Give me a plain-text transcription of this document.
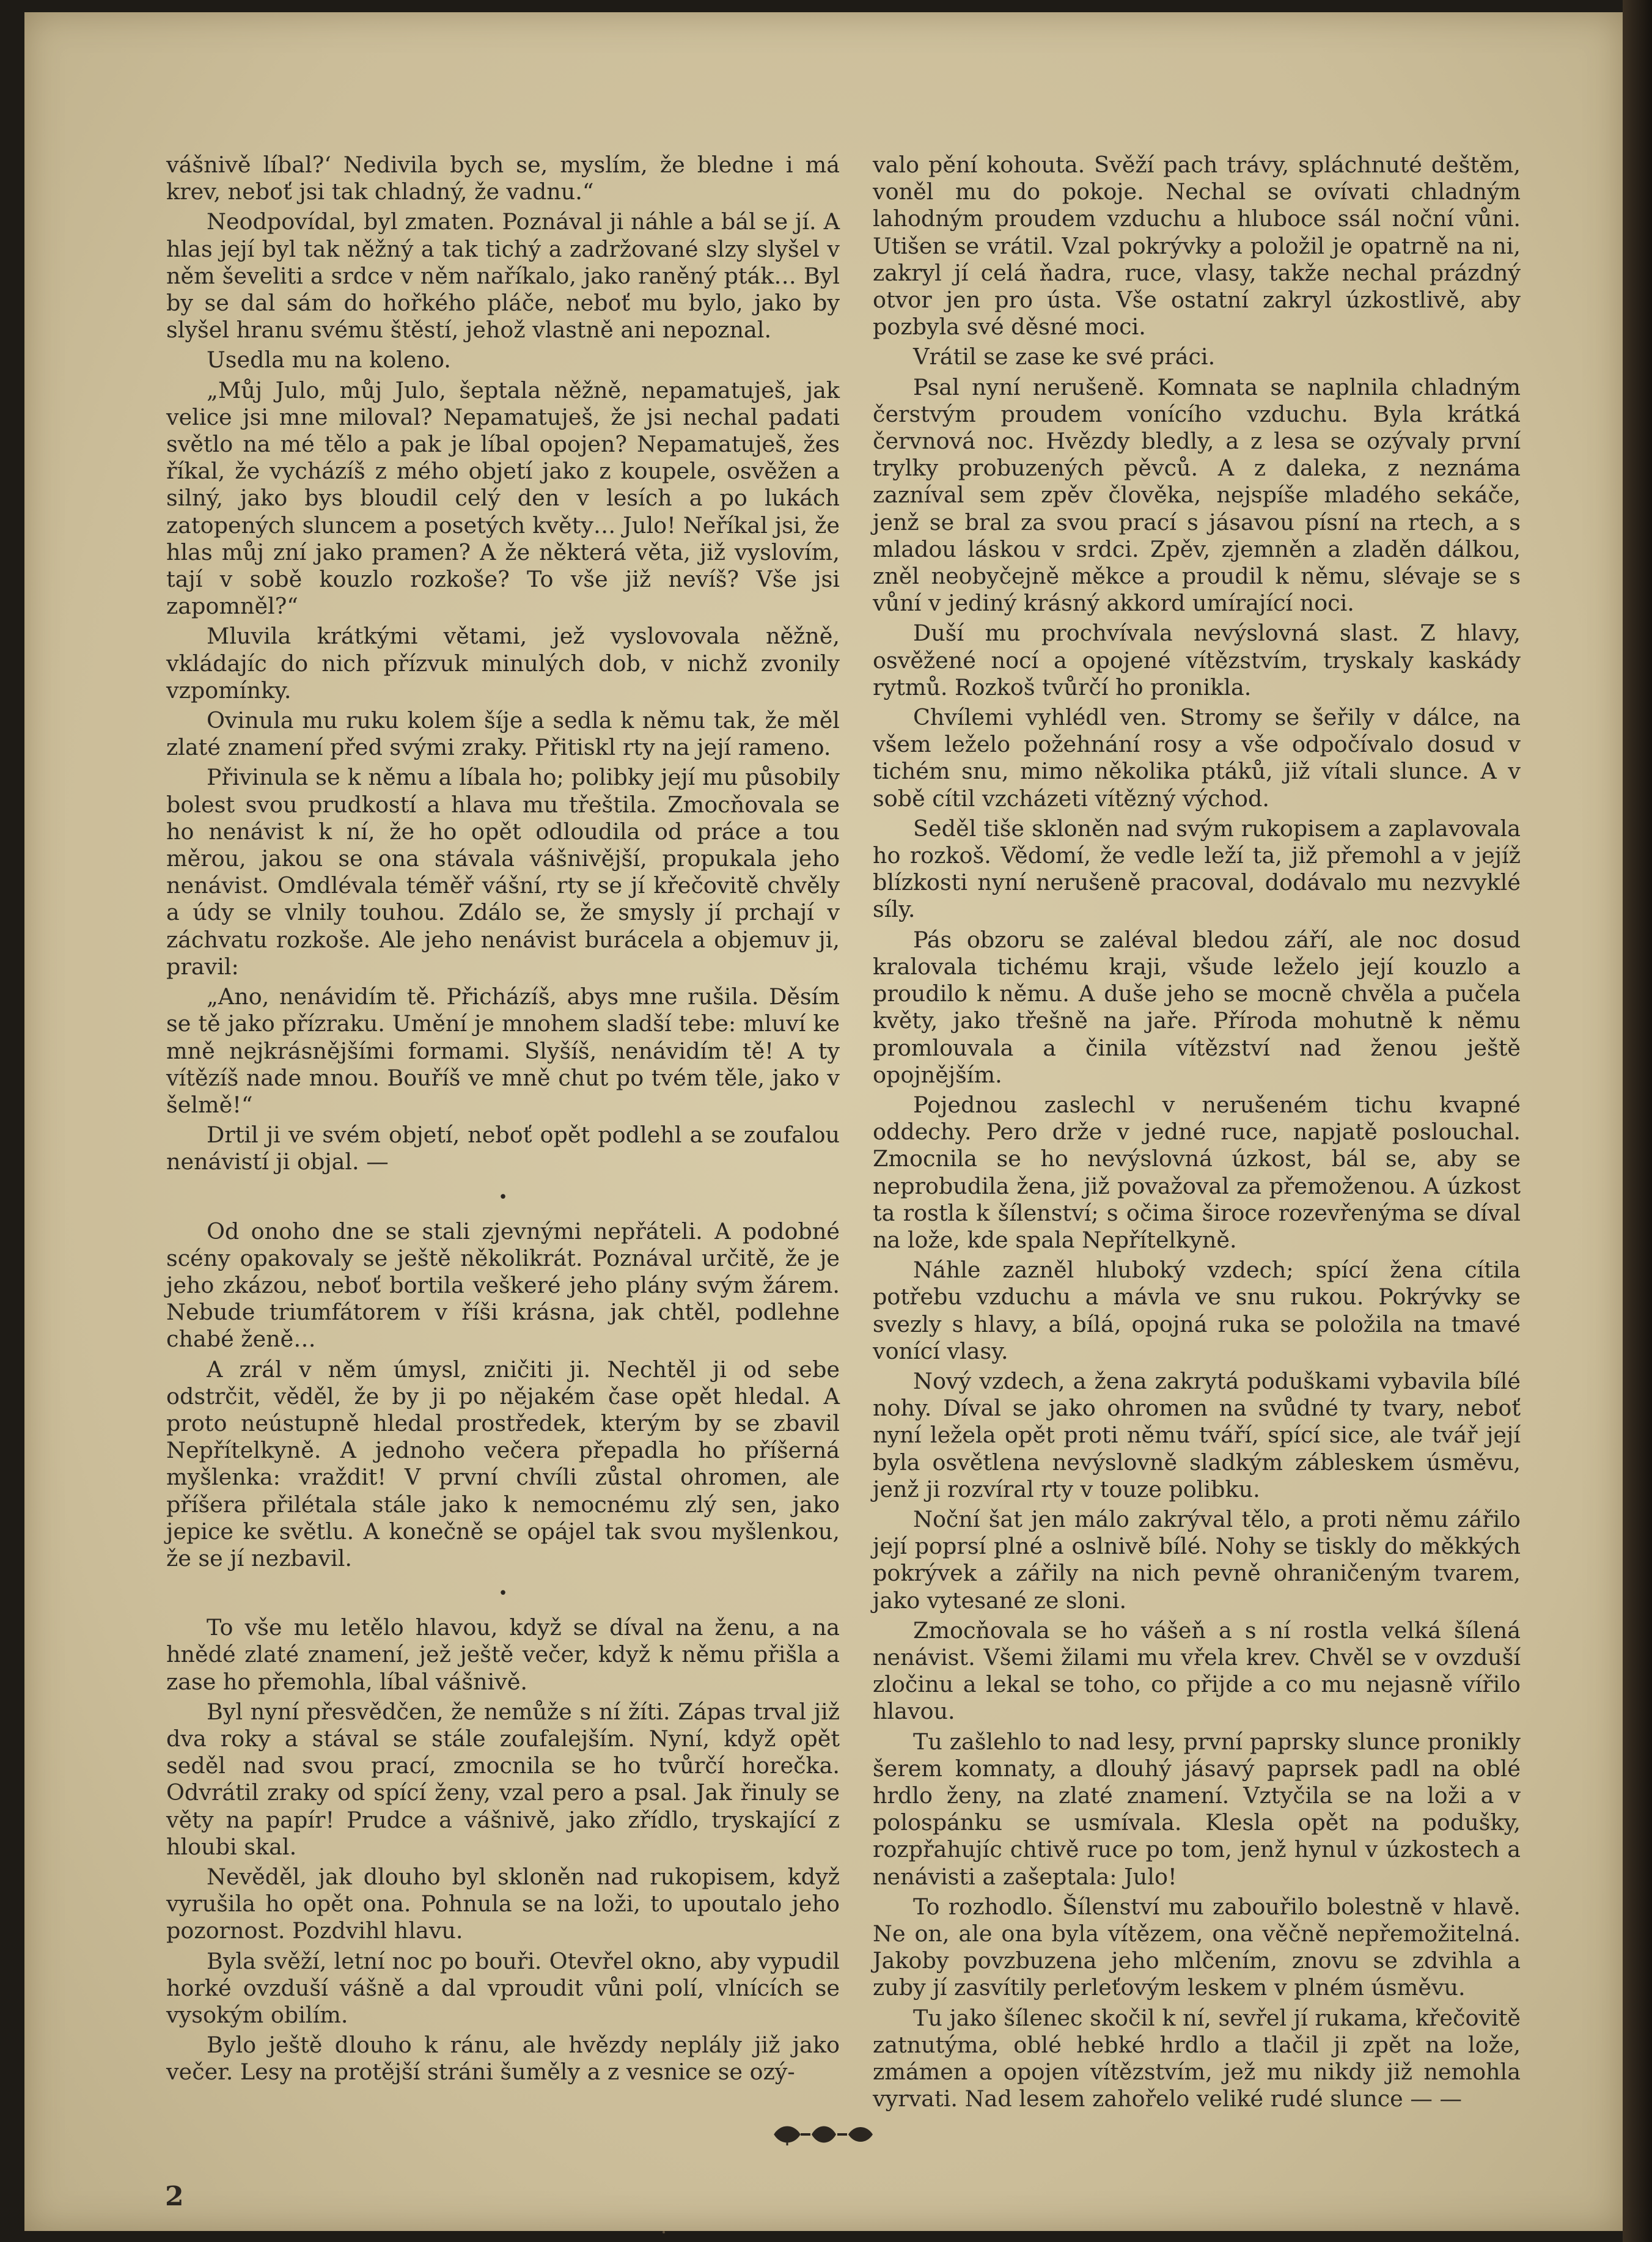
vášnivě líbal?‘ Nedivila bych se, myslím, že bledne i má krev, neboť jsi tak chladný, že vadnu.“

Neodpovídal, byl zmaten. Poznával ji náhle a bál se jí. A hlas její byl tak něžný a tak tichý a zadržované slzy slyšel v něm ševeliti a srdce v něm naříkalo, jako raněný pták… Byl by se dal sám do hořkého pláče, neboť mu bylo, jako by slyšel hranu svému štěstí, jehož vlastně ani nepoznal.

Usedla mu na koleno.

„Můj Julo, můj Julo, šeptala něžně, nepamatuješ, jak velice jsi mne miloval? Nepamatuješ, že jsi nechal padati světlo na mé tělo a pak je líbal opojen? Nepamatuješ, žes říkal, že vycházíš z mého objetí jako z koupele, osvěžen a silný, jako bys bloudil celý den v lesích a po lukách zatopených sluncem a posetých květy… Julo! Neříkal jsi, že hlas můj zní jako pramen? A že některá věta, již vyslovím, tají v sobě kouzlo rozkoše? To vše již nevíš? Vše jsi zapomněl?“

Mluvila krátkými větami, jež vyslovovala něžně, vkládajíc do nich přízvuk minulých dob, v nichž zvonily vzpomínky.

Ovinula mu ruku kolem šíje a sedla k němu tak, že měl zlaté znamení před svými zraky. Přitiskl rty na její rameno.

Přivinula se k němu a líbala ho; polibky její mu působily bolest svou prudkostí a hlava mu třeštila. Zmocňovala se ho nenávist k ní, že ho opět odloudila od práce a tou měrou, jakou se ona stávala vášnivější, propukala jeho nenávist. Omdlévala téměř vášní, rty se jí křečovitě chvěly a údy se vlnily touhou. Zdálo se, že smysly jí prchají v záchvatu rozkoše. Ale jeho nenávist burácela a objemuv ji, pravil:

„Ano, nenávidím tě. Přicházíš, abys mne rušila. Děsím se tě jako přízraku. Umění je mnohem sladší tebe: mluví ke mně nejkrásnějšími formami. Slyšíš, nenávidím tě! A ty vítězíš nade mnou. Bouříš ve mně chut po tvém těle, jako v šelmě!“

Drtil ji ve svém objetí, neboť opět podlehl a se zoufalou nenávistí ji objal. —

•

Od onoho dne se stali zjevnými nepřáteli. A podobné scény opakovaly se ještě několikrát. Poznával určitě, že je jeho zkázou, neboť bortila veškeré jeho plány svým žárem. Nebude triumfátorem v říši krásna, jak chtěl, podlehne chabé ženě…

A zrál v něm úmysl, zničiti ji. Nechtěl ji od sebe odstrčit, věděl, že by ji po nějakém čase opět hledal. A proto neústupně hledal prostředek, kterým by se zbavil Nepřítelkyně. A jednoho večera přepadla ho příšerná myšlenka: vraždit! V první chvíli zůstal ohromen, ale příšera přilétala stále jako k nemocnému zlý sen, jako jepice ke světlu. A konečně se opájel tak svou myšlenkou, že se jí nezbavil.

•

To vše mu letělo hlavou, když se díval na ženu, a na hnědé zlaté znamení, jež ještě večer, když k němu přišla a zase ho přemohla, líbal vášnivě.

Byl nyní přesvědčen, že nemůže s ní žíti. Zápas trval již dva roky a stával se stále zoufalejším. Nyní, když opět seděl nad svou prací, zmocnila se ho tvůrčí horečka. Odvrátil zraky od spící ženy, vzal pero a psal. Jak řinuly se věty na papír! Prudce a vášnivě, jako zřídlo, tryskající z hloubi skal.

Nevěděl, jak dlouho byl skloněn nad rukopisem, když vyrušila ho opět ona. Pohnula se na loži, to upoutalo jeho pozornost. Pozdvihl hlavu.

Byla svěží, letní noc po bouři. Otevřel okno, aby vypudil horké ovzduší vášně a dal vproudit vůni polí, vlnících se vysokým obilím.

Bylo ještě dlouho k ránu, ale hvězdy neplály již jako večer. Lesy na protější stráni šuměly a z vesnice se ozý-

valo pění kohouta. Svěží pach trávy, spláchnuté deštěm, voněl mu do pokoje. Nechal se ovívati chladným lahodným proudem vzduchu a hluboce ssál noční vůni. Utišen se vrátil. Vzal pokrývky a položil je opatrně na ni, zakryl jí celá ňadra, ruce, vlasy, takže nechal prázdný otvor jen pro ústa. Vše ostatní zakryl úzkostlivě, aby pozbyla své děsné moci.

Vrátil se zase ke své práci.

Psal nyní nerušeně. Komnata se naplnila chladným čerstvým proudem vonícího vzduchu. Byla krátká červnová noc. Hvězdy bledly, a z lesa se ozývaly první trylky probuzených pěvců. A z daleka, z neznáma zazníval sem zpěv člověka, nejspíše mladého sekáče, jenž se bral za svou prací s jásavou písní na rtech, a s mladou láskou v srdci. Zpěv, zjemněn a zladěn dálkou, zněl neobyčejně měkce a proudil k němu, slévaje se s vůní v jediný krásný akkord umírající noci.

Duší mu prochvívala nevýslovná slast. Z hlavy, osvěžené nocí a opojené vítězstvím, tryskaly kaskády rytmů. Rozkoš tvůrčí ho pronikla.

Chvílemi vyhlédl ven. Stromy se šeřily v dálce, na všem leželo požehnání rosy a vše odpočívalo dosud v tichém snu, mimo několika ptáků, již vítali slunce. A v sobě cítil vzcházeti vítězný východ.

Seděl tiše skloněn nad svým rukopisem a zaplavovala ho rozkoš. Vědomí, že vedle leží ta, již přemohl a v jejíž blízkosti nyní nerušeně pracoval, dodávalo mu nezvyklé síly.

Pás obzoru se zaléval bledou září, ale noc dosud kralovala tichému kraji, všude leželo její kouzlo a proudilo k němu. A duše jeho se mocně chvěla a pučela květy, jako třešně na jaře. Příroda mohutně k němu promlouvala a činila vítězství nad ženou ještě opojnějším.

Pojednou zaslechl v nerušeném tichu kvapné oddechy. Pero drže v jedné ruce, napjatě poslouchal. Zmocnila se ho nevýslovná úzkost, bál se, aby se neprobudila žena, již považoval za přemoženou. A úzkost ta rostla k šílenství; s očima široce rozevřenýma se díval na lože, kde spala Nepřítelkyně.

Náhle zazněl hluboký vzdech; spící žena cítila potřebu vzduchu a mávla ve snu rukou. Pokrývky se svezly s hlavy, a bílá, opojná ruka se položila na tmavé vonící vlasy.

Nový vzdech, a žena zakrytá poduškami vybavila bílé nohy. Díval se jako ohromen na svůdné ty tvary, neboť nyní ležela opět proti němu tváří, spící sice, ale tvář její byla osvětlena nevýslovně sladkým zábleskem úsměvu, jenž ji rozvíral rty v touze polibku.

Noční šat jen málo zakrýval tělo, a proti němu zářilo její poprsí plné a oslnivě bílé. Nohy se tiskly do měkkých pokrývek a zářily na nich pevně ohraničeným tvarem, jako vytesané ze sloni.

Zmocňovala se ho vášeň a s ní rostla velká šílená nenávist. Všemi žilami mu vřela krev. Chvěl se v ovzduší zločinu a lekal se toho, co přijde a co mu nejasně vířilo hlavou.

Tu zašlehlo to nad lesy, první paprsky slunce pronikly šerem komnaty, a dlouhý jásavý paprsek padl na oblé hrdlo ženy, na zlaté znamení. Vztyčila se na loži a v polospánku se usmívala. Klesla opět na podušky, rozpřahujíc chtivě ruce po tom, jenž hynul v úzkostech a nenávisti a zašeptala: Julo!

To rozhodlo. Šílenství mu zabouřilo bolestně v hlavě. Ne on, ale ona byla vítězem, ona věčně nepřemožitelná. Jakoby povzbuzena jeho mlčením, znovu se zdvihla a zuby jí zasvítily perleťovým leskem v plném úsměvu.

Tu jako šílenec skočil k ní, sevřel jí rukama, křečovitě zatnutýma, oblé hebké hrdlo a tlačil ji zpět na lože, zmámen a opojen vítězstvím, jež mu nikdy již nemohla vyrvati. Nad lesem zahořelo veliké rudé slunce — —

2
